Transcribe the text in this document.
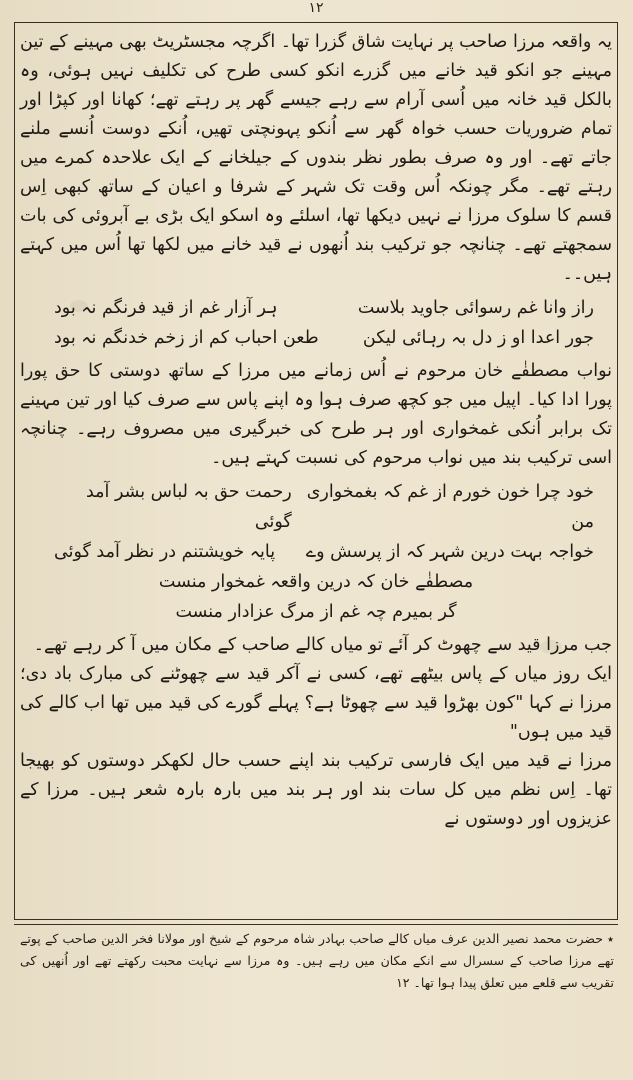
۱۲

یہ واقعہ مرزا صاحب پر نہایت شاق گزرا تھا۔ اگرچہ مجسٹریٹ بھی مہینے کے تین مہینے جو انکو قید خانے میں گزرے انکو کسی طرح کی تکلیف نہیں ہوئی، وہ بالکل قید خانہ میں اُسی آرام سے رہے جیسے گھر پر رہتے تھے؛ کھانا اور کپڑا اور تمام ضروریات حسب خواہ گھر سے اُنکو پہونچتی تھیں، اُنکے دوست اُنسے ملنے جاتے تھے۔ اور وہ صرف بطور نظر بندوں کے جیلخانے کے ایک علاحدہ کمرے میں رہتے تھے۔ مگر چونکہ اُس وقت تک شہر کے شرفا و اعیان کے ساتھ کبھی اِس قسم کا سلوک مرزا نے نہیں دیکھا تھا، اسلئے وہ اسکو ایک بڑی بے آبروئی کی بات سمجھتے تھے۔ چنانچہ جو ترکیب بند اُنھوں نے قید خانے میں لکھا تھا اُس میں کہتے ہیں۔۔

راز وانا غم رسوائی جاوید بلاست
ہر آزار غم از قید فرنگم نہ بود
جور اعدا او ز دل بہ رہائی لیکن
طعن احباب کم از زخم خدنگم نہ بود

نواب مصطفٰے خان مرحوم نے اُس زمانے میں مرزا کے ساتھ دوستی کا حق پورا پورا ادا کیا۔ اپیل میں جو کچھ صرف ہوا وہ اپنے پاس سے صرف کیا اور تین مہینے تک برابر اُنکی غمخواری اور ہر طرح کی خبرگیری میں مصروف رہے۔ چنانچہ اسی ترکیب بند میں نواب مرحوم کی نسبت کہتے ہیں۔

خود چرا خون خورم از غم کہ بغمخواری من
رحمت حق بہ لباس بشر آمد گوئی
خواجہ بہت درین شہر کہ از پرسش وے
پایہ خویشتنم در نظر آمد گوئی
مصطفٰے خان کہ درین واقعہ غمخوار منست
گر بمیرم چہ غم از مرگ عزادار منست

جب مرزا قید سے چھوٹ کر آئے تو میاں کالے صاحب کے مکان میں آ کر رہے تھے۔

ایک روز میاں کے پاس بیٹھے تھے، کسی نے آکر قید سے چھوٹنے کی مبارک باد دی؛ مرزا نے کہا "کون بھڑوا قید سے چھوٹا ہے؟ پہلے گورے کی قید میں تھا اب کالے کی قید میں ہوں"

مرزا نے قید میں ایک فارسی ترکیب بند اپنے حسب حال لکھکر دوستوں کو بھیجا تھا۔ اِس نظم میں کل سات بند اور ہر بند میں بارہ بارہ شعر ہیں۔ مرزا کے عزیزوں اور دوستوں نے

٭ حضرت محمد نصیر الدین عرف میاں کالے صاحب بہادر شاہ مرحوم کے شیخ اور مولانا فخر الدین صاحب کے پوتے تھے مرزا صاحب کے سسرال سے انکے مکان میں رہے ہیں۔ وہ مرزا سے نہایت محبت رکھتے تھے اور اُنھیں کی تقریب سے قلعے میں تعلق پیدا ہوا تھا۔ ۱۲
